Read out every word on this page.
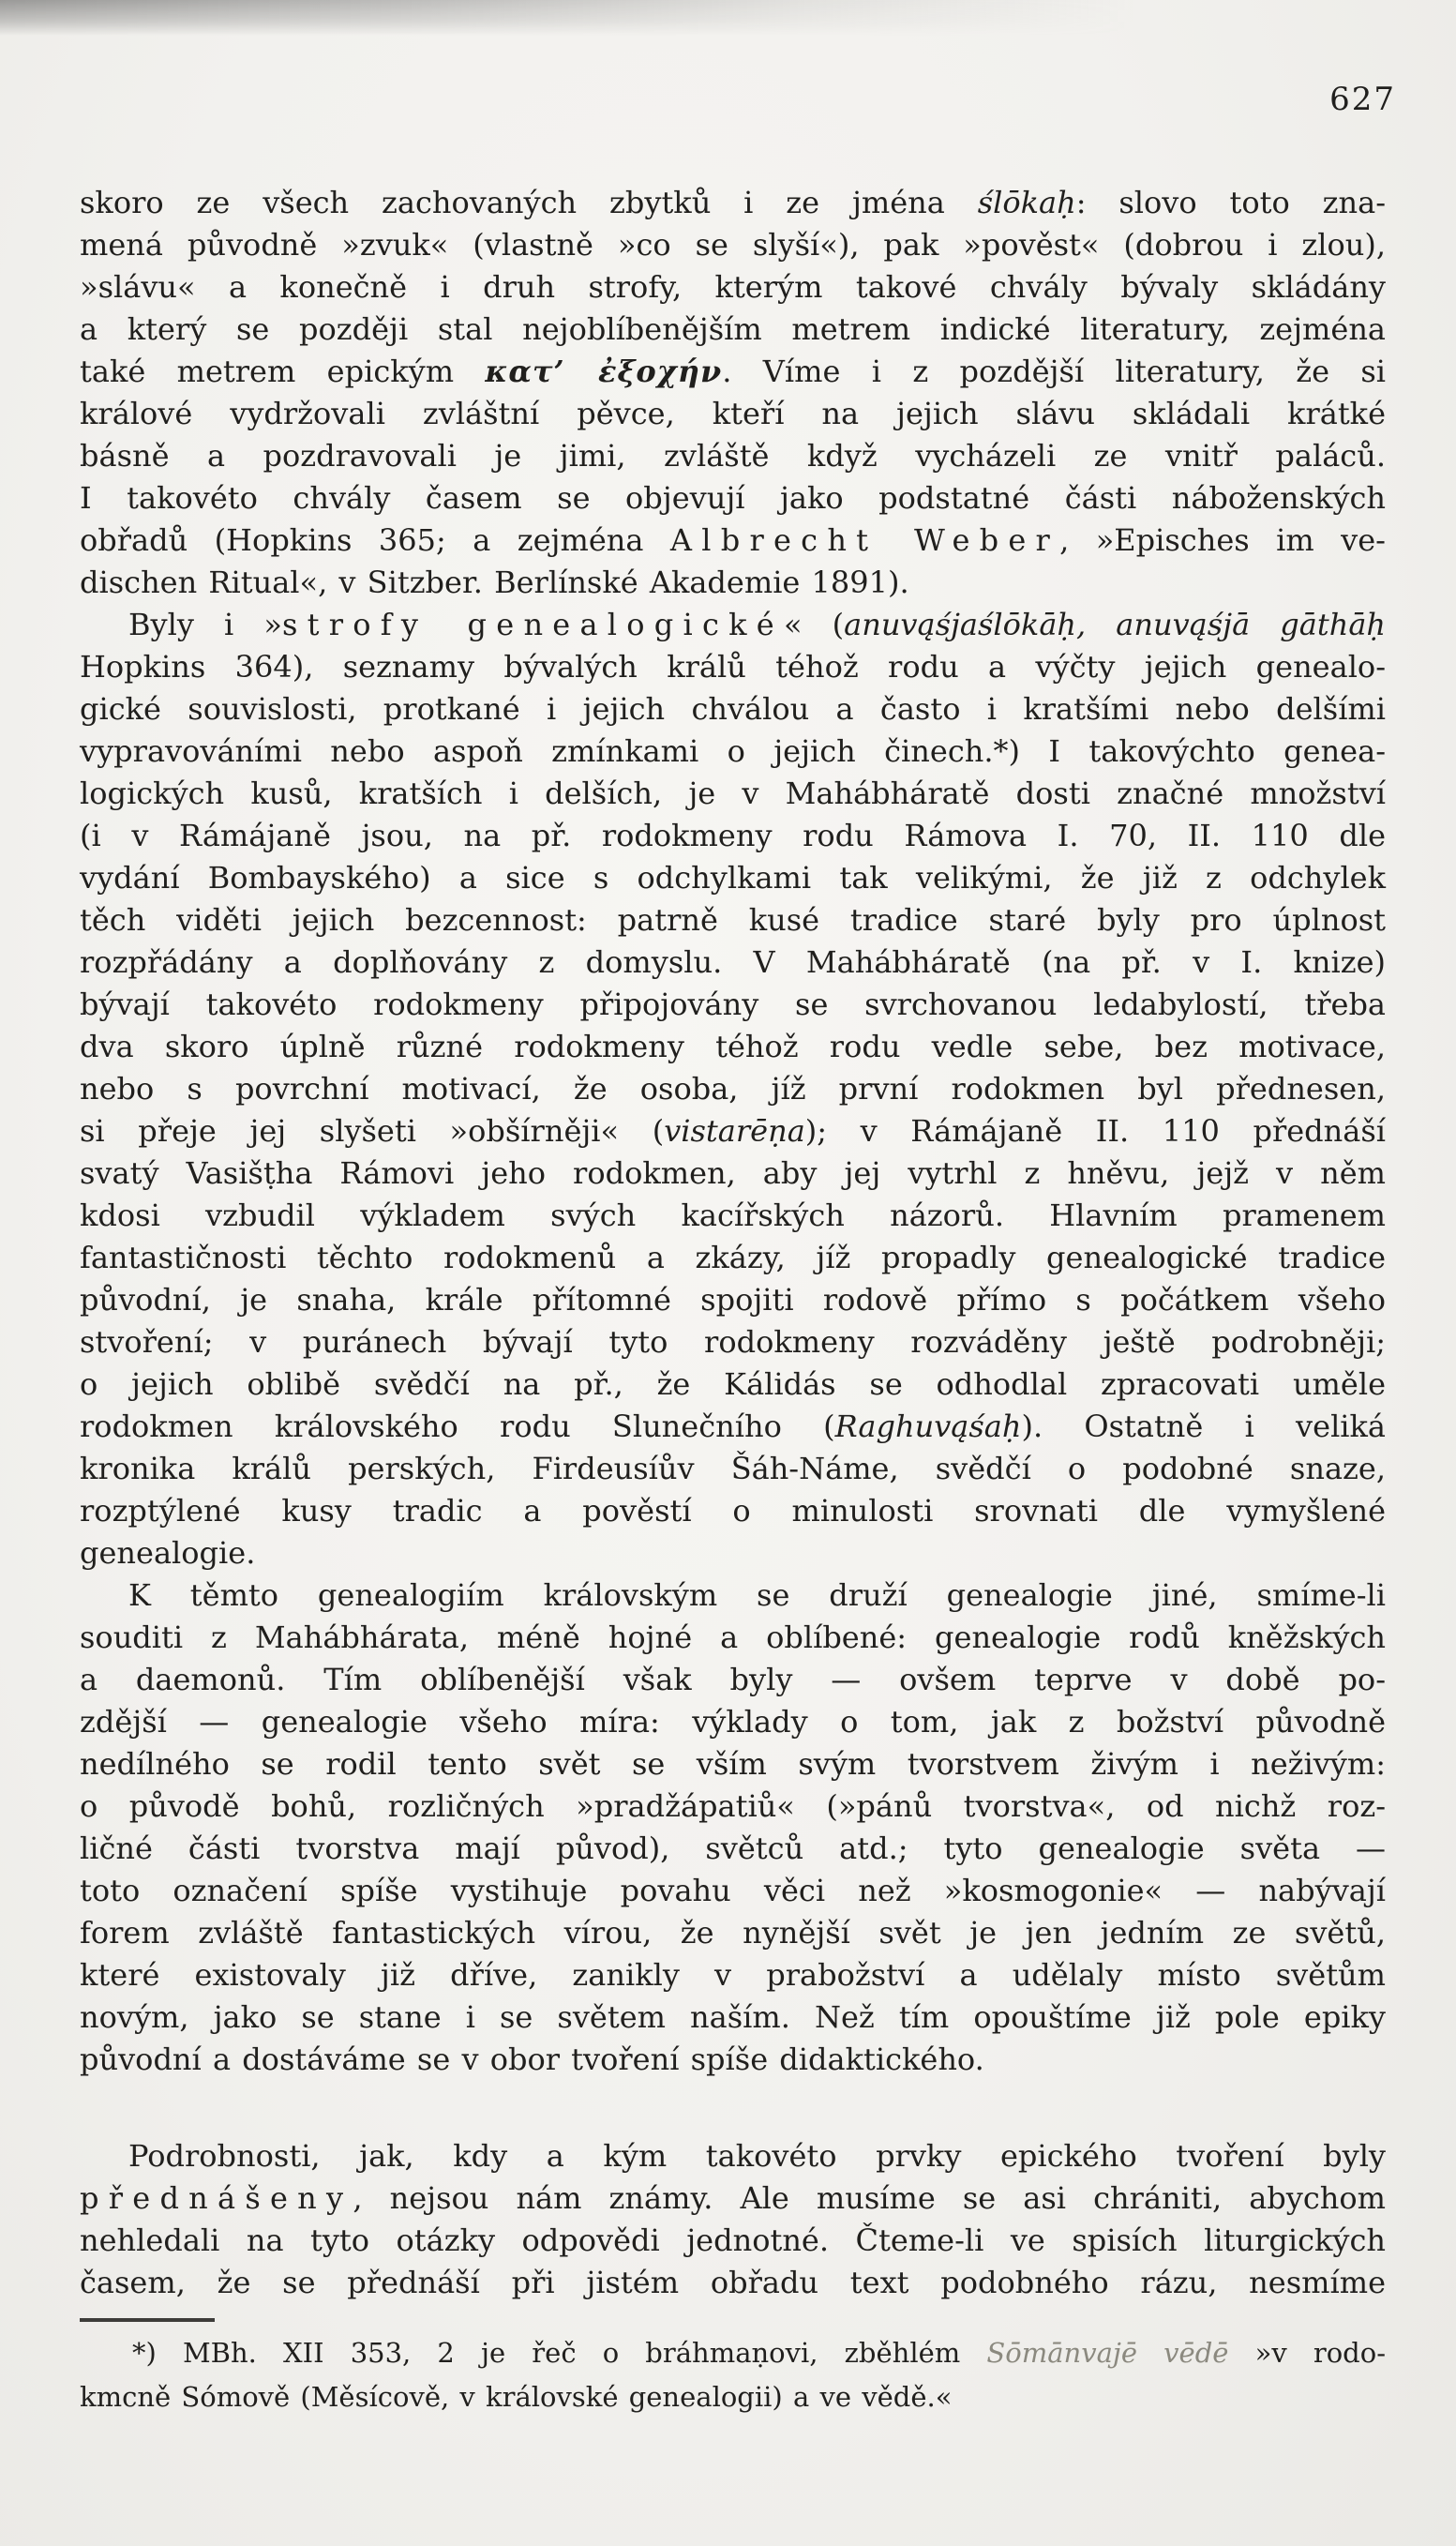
627
skoro ze všech zachovaných zbytků i ze jména ślōkaḥ: slovo toto zna-
mená původně »zvuk« (vlastně »co se slyší«), pak »pověst« (dobrou i zlou),
»slávu« a konečně i druh strofy, kterým takové chvály bývaly skládány
a který se později stal nejoblíbenějším metrem indické literatury, zejména
také metrem epickým κατ’ ἐξοχήν. Víme i z pozdější literatury, že si
králové vydržovali zvláštní pěvce, kteří na jejich slávu skládali krátké
básně a pozdravovali je jimi, zvláště když vycházeli ze vnitř paláců.
I takovéto chvály časem se objevují jako podstatné části náboženských
obřadů (Hopkins 365; a zejména Albrecht Weber, »Episches im ve-
dischen Ritual«, v Sitzber. Berlínské Akademie 1891).
Byly i »strofy genealogické« (anuvąśjaślōkāḥ, anuvąśjā gāthāḥ
Hopkins 364), seznamy bývalých králů téhož rodu a výčty jejich genealo-
gické souvislosti, protkané i jejich chválou a často i kratšími nebo delšími
vypravováními nebo aspoň zmínkami o jejich činech.*) I takovýchto genea-
logických kusů, kratších i delších, je v Mahábháratě dosti značné množství
(i v Rámájaně jsou, na př. rodokmeny rodu Rámova I. 70, II. 110 dle
vydání Bombayského) a sice s odchylkami tak velikými, že již z odchylek
těch viděti jejich bezcennost: patrně kusé tradice staré byly pro úplnost
rozpřádány a doplňovány z domyslu. V Mahábháratě (na př. v I. knize)
bývají takovéto rodokmeny připojovány se svrchovanou ledabylostí, třeba
dva skoro úplně různé rodokmeny téhož rodu vedle sebe, bez motivace,
nebo s povrchní motivací, že osoba, jíž první rodokmen byl přednesen,
si přeje jej slyšeti »obšírněji« (vistarēṇa); v Rámájaně II. 110 přednáší
svatý Vasišṭha Rámovi jeho rodokmen, aby jej vytrhl z hněvu, jejž v něm
kdosi vzbudil výkladem svých kacířských názorů. Hlavním pramenem
fantastičnosti těchto rodokmenů a zkázy, jíž propadly genealogické tradice
původní, je snaha, krále přítomné spojiti rodově přímo s počátkem všeho
stvoření; v puránech bývají tyto rodokmeny rozváděny ještě podrobněji;
o jejich oblibě svědčí na př., že Kálidás se odhodlal zpracovati uměle
rodokmen královského rodu Slunečního (Raghuvąśaḥ). Ostatně i veliká
kronika králů perských, Firdeusíův Šáh-Náme, svědčí o podobné snaze,
rozptýlené kusy tradic a pověstí o minulosti srovnati dle vymyšlené
genealogie.
K těmto genealogiím královským se druží genealogie jiné, smíme-li
souditi z Mahábhárata, méně hojné a oblíbené: genealogie rodů kněžských
a daemonů. Tím oblíbenější však byly — ovšem teprve v době po-
zdější — genealogie všeho míra: výklady o tom, jak z božství původně
nedílného se rodil tento svět se vším svým tvorstvem živým i neživým:
o původě bohů, rozličných »pradžápatiů« (»pánů tvorstva«, od nichž roz-
ličné části tvorstva mají původ), světců atd.; tyto genealogie světa —
toto označení spíše vystihuje povahu věci než »kosmogonie« — nabývají
forem zvláště fantastických vírou, že nynější svět je jen jedním ze světů,
které existovaly již dříve, zanikly v prabožství a udělaly místo světům
novým, jako se stane i se světem naším. Než tím opouštíme již pole epiky
původní a dostáváme se v obor tvoření spíše didaktického.
Podrobnosti, jak, kdy a kým takovéto prvky epického tvoření byly
přednášeny, nejsou nám známy. Ale musíme se asi chrániti, abychom
nehledali na tyto otázky odpovědi jednotné. Čteme-li ve spisích liturgických
časem, že se přednáší při jistém obřadu text podobného rázu, nesmíme
*) MBh. XII 353, 2 je řeč o bráhmaṇovi, zběhlém Sōmānvajē vēdē »v rodo-
kmcně Sómově (Měsícově, v královské genealogii) a ve vědě.«
